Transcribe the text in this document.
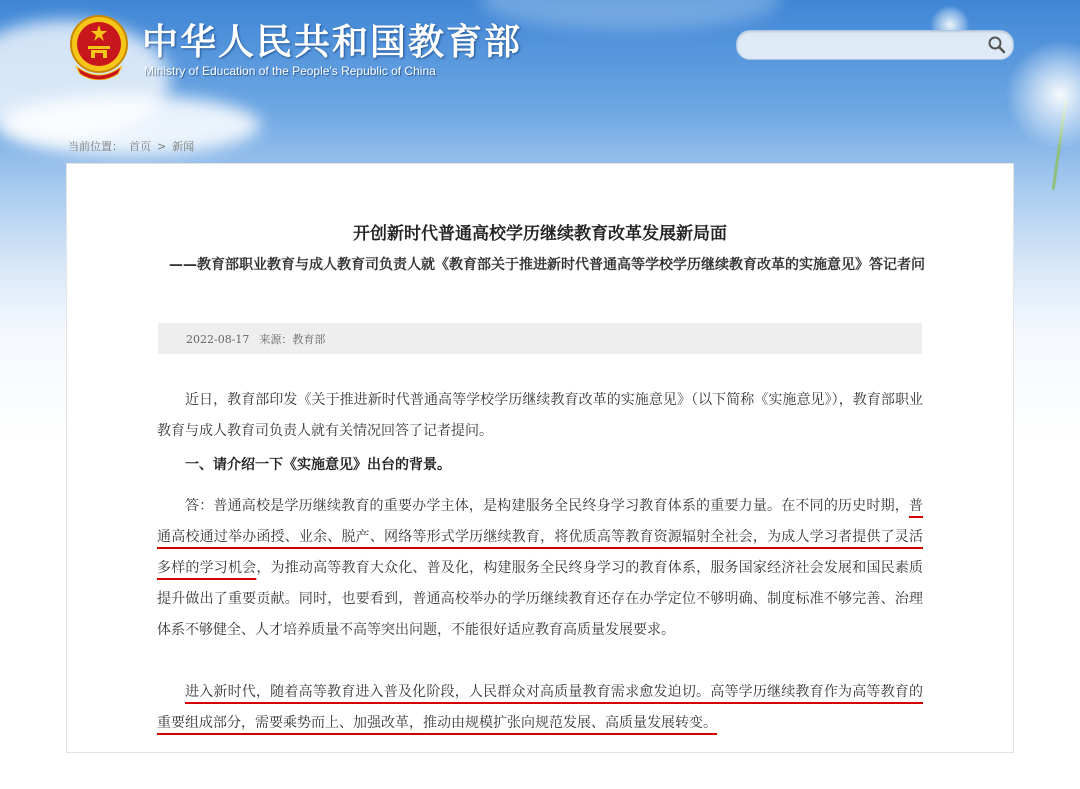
中华人民共和国教育部
Ministry of Education of the People's Republic of China
当前位置： 首页 > 新闻
开创新时代普通高校学历继续教育改革发展新局面
——教育部职业教育与成人教育司负责人就《教育部关于推进新时代普通高等学校学历继续教育改革的实施意见》答记者问
2022-08-17 来源：教育部
近日，教育部印发《关于推进新时代普通高等学校学历继续教育改革的实施意见》（以下简称《实施意见》），教育部职业教育与成人教育司负责人就有关情况回答了记者提问。
一、请介绍一下《实施意见》出台的背景。
答：普通高校是学历继续教育的重要办学主体，是构建服务全民终身学习教育体系的重要力量。在不同的历史时期，普通高校通过举办函授、业余、脱产、网络等形式学历继续教育，将优质高等教育资源辐射全社会，为成人学习者提供了灵活多样的学习机会，为推动高等教育大众化、普及化，构建服务全民终身学习的教育体系，服务国家经济社会发展和国民素质提升做出了重要贡献。同时，也要看到，普通高校举办的学历继续教育还存在办学定位不够明确、制度标准不够完善、治理体系不够健全、人才培养质量不高等突出问题，不能很好适应教育高质量发展要求。
进入新时代，随着高等教育进入普及化阶段，人民群众对高质量教育需求愈发迫切。高等学历继续教育作为高等教育的重要组成部分，需要乘势而上、加强改革，推动由规模扩张向规范发展、高质量发展转变。
